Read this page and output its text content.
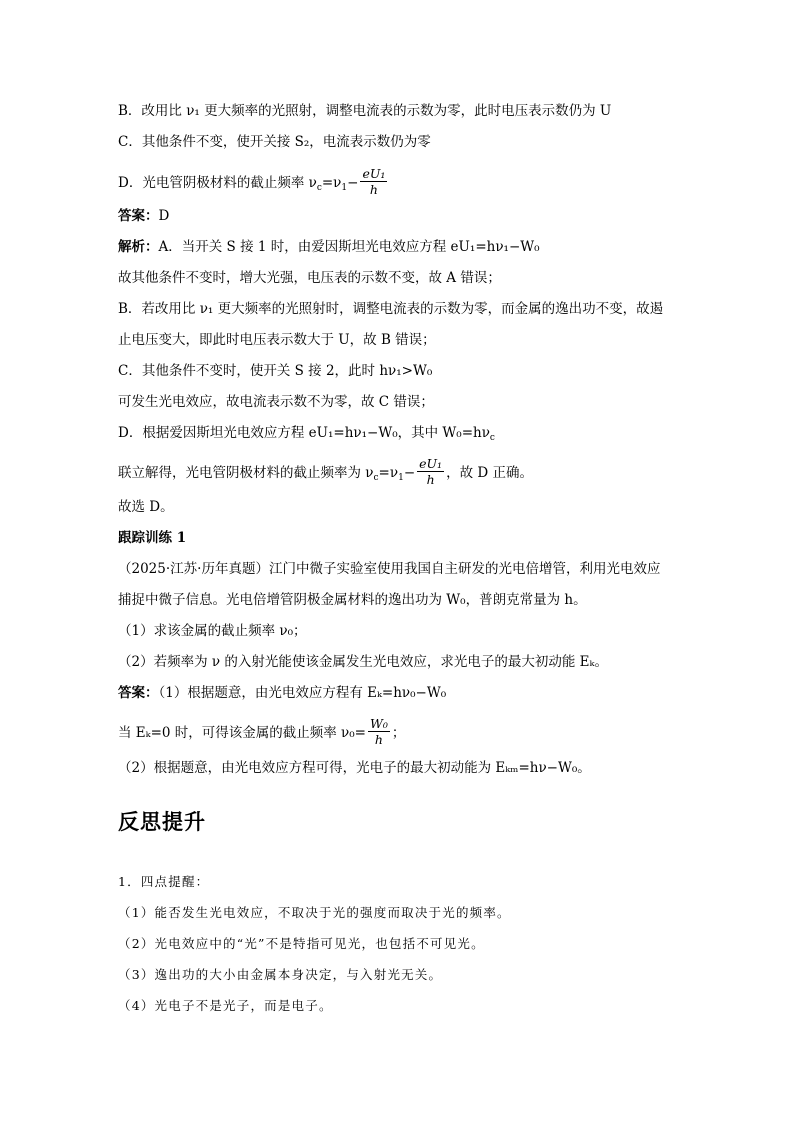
B．改用比 ν₁ 更大频率的光照射，调整电流表的示数为零，此时电压表示数仍为 U
C．其他条件不变，使开关接 S₂，电流表示数仍为零
D．光电管阴极材料的截止频率 $\nu_c=\nu_1- \frac{\text{eU₁}}{h}$
答案：D
解析：A．当开关 S 接 1 时，由爱因斯坦光电效应方程 eU₁=hν₁−W₀
故其他条件不变时，增大光强，电压表的示数不变，故 A 错误；
B．若改用比 ν₁ 更大频率的光照射时，调整电流表的示数为零，而金属的逸出功不变，故遏
止电压变大，即此时电压表示数大于 U，故 B 错误；
C．其他条件不变时，使开关 S 接 2，此时 hν₁>W₀
可发生光电效应，故电流表示数不为零，故 C 错误；
D．根据爱因斯坦光电效应方程 eU₁=hν₁−W₀，其中 $W_0=h\nu_c$
联立解得，光电管阴极材料的截止频率为 $\nu_c=\nu_1- \frac{\text{eU₁}}{h}$ ，故 D 正确。
故选 D。
跟踪训练 1
（2025·江苏·历年真题）江门中微子实验室使用我国自主研发的光电倍增管，利用光电效应
捕捉中微子信息。光电倍增管阴极金属材料的逸出功为 W₀，普朗克常量为 h。
（1）求该金属的截止频率 ν₀；
（2）若频率为 ν 的入射光能使该金属发生光电效应，求光电子的最大初动能 Eₖ。
答案：（1）根据题意，由光电效应方程有 Eₖ=hν₀−W₀
当 Eₖ=0 时，可得该金属的截止频率 $\nu_0= \frac{\text{W₀}}{h}$ ；
（2）根据题意，由光电效应方程可得，光电子的最大初动能为 Eₖₘ=hν−W₀。
反思提升
1．四点提醒：
（1）能否发生光电效应，不取决于光的强度而取决于光的频率。
（2）光电效应中的“光”不是特指可见光，也包括不可见光。
（3）逸出功的大小由金属本身决定，与入射光无关。
（4）光电子不是光子，而是电子。
